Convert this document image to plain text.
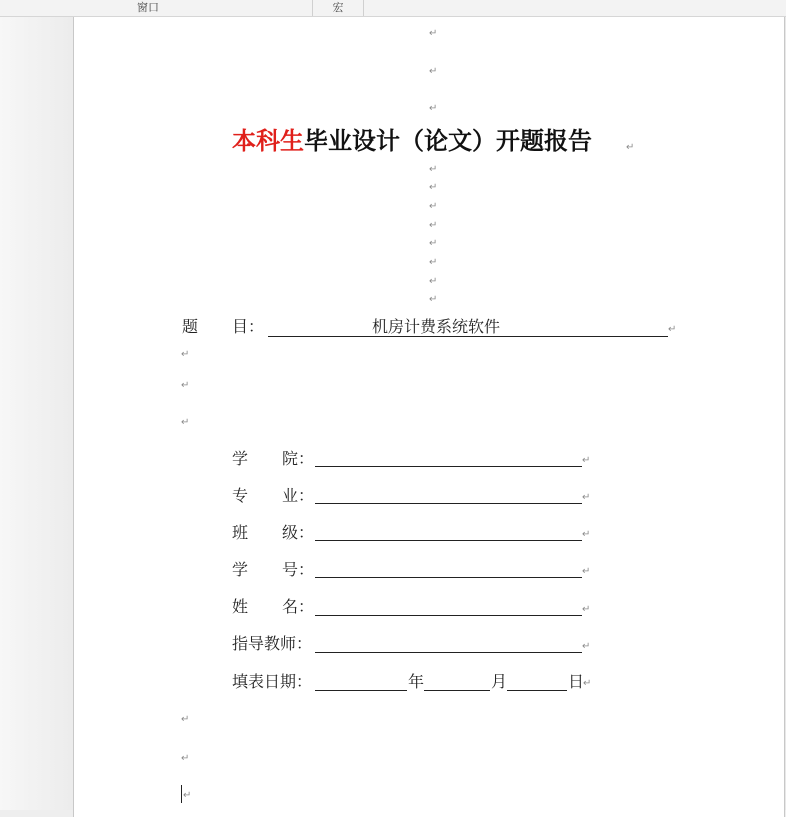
窗口	宏
↵
↵
↵
本科生毕业设计（论文）开题报告	↵
↵
↵
↵
↵
↵
↵
↵
↵
题 目：	机房计费系统软件	↵
↵
↵
↵
学 院：	↵
专 业：	↵
班 级：	↵
学 号：	↵
姓 名：	↵
指导教师：	↵
填表日期：	年	月	日
↵
↵
↵
↵
